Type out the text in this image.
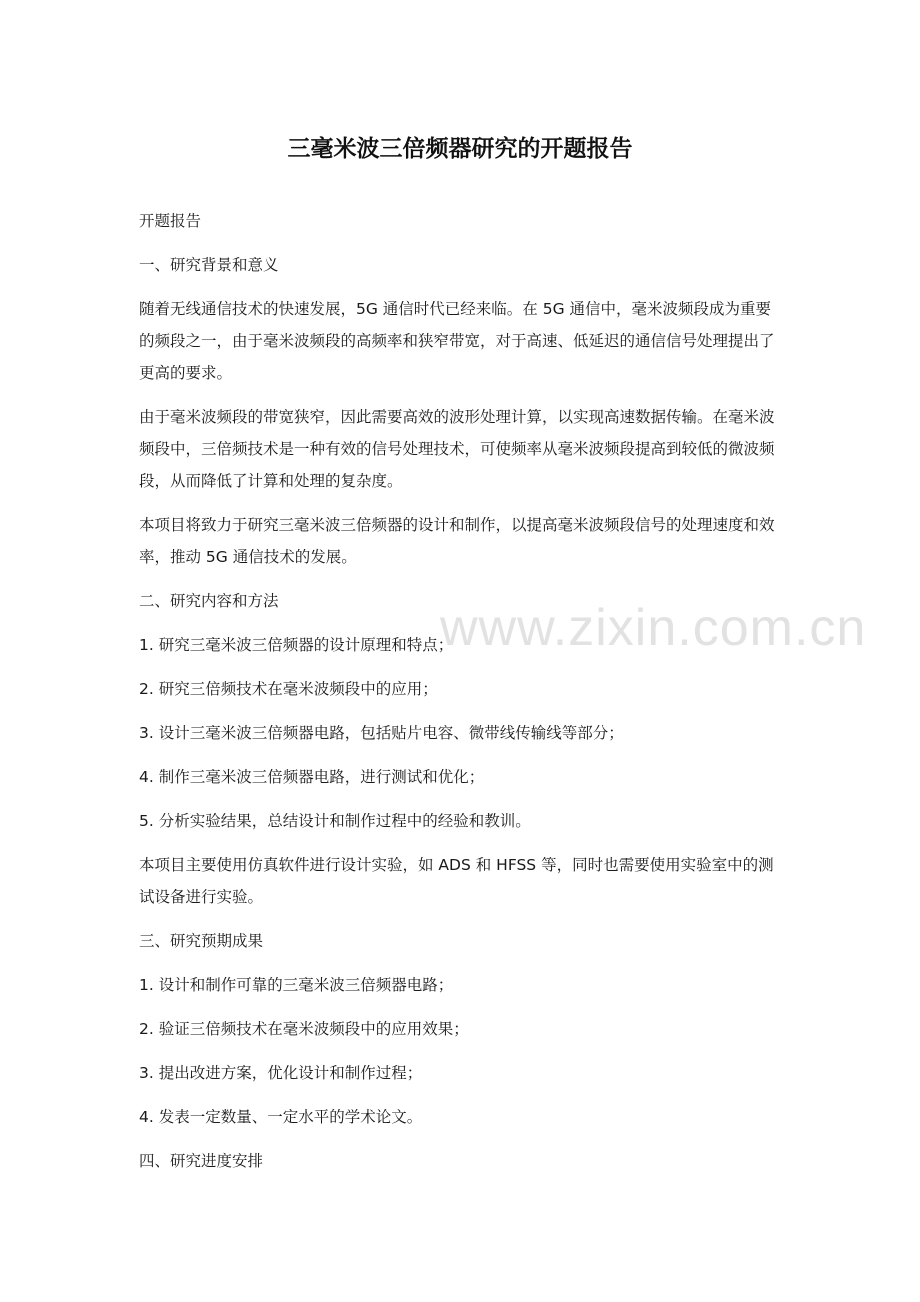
三毫米波三倍频器研究的开题报告
www.zixin.com.cn

开题报告

一、研究背景和意义

随着无线通信技术的快速发展，5G 通信时代已经来临。在 5G 通信中，毫米波频段成为重要的频段之一，由于毫米波频段的高频率和狭窄带宽，对于高速、低延迟的通信信号处理提出了更高的要求。

由于毫米波频段的带宽狭窄，因此需要高效的波形处理计算，以实现高速数据传输。在毫米波频段中，三倍频技术是一种有效的信号处理技术，可使频率从毫米波频段提高到较低的微波频段，从而降低了计算和处理的复杂度。

本项目将致力于研究三毫米波三倍频器的设计和制作，以提高毫米波频段信号的处理速度和效率，推动 5G 通信技术的发展。

二、研究内容和方法

1. 研究三毫米波三倍频器的设计原理和特点；

2. 研究三倍频技术在毫米波频段中的应用；

3. 设计三毫米波三倍频器电路，包括贴片电容、微带线传输线等部分；

4. 制作三毫米波三倍频器电路，进行测试和优化；

5. 分析实验结果，总结设计和制作过程中的经验和教训。

本项目主要使用仿真软件进行设计实验，如 ADS 和 HFSS 等，同时也需要使用实验室中的测试设备进行实验。

三、研究预期成果

1. 设计和制作可靠的三毫米波三倍频器电路；

2. 验证三倍频技术在毫米波频段中的应用效果；

3. 提出改进方案，优化设计和制作过程；

4. 发表一定数量、一定水平的学术论文。

四、研究进度安排
